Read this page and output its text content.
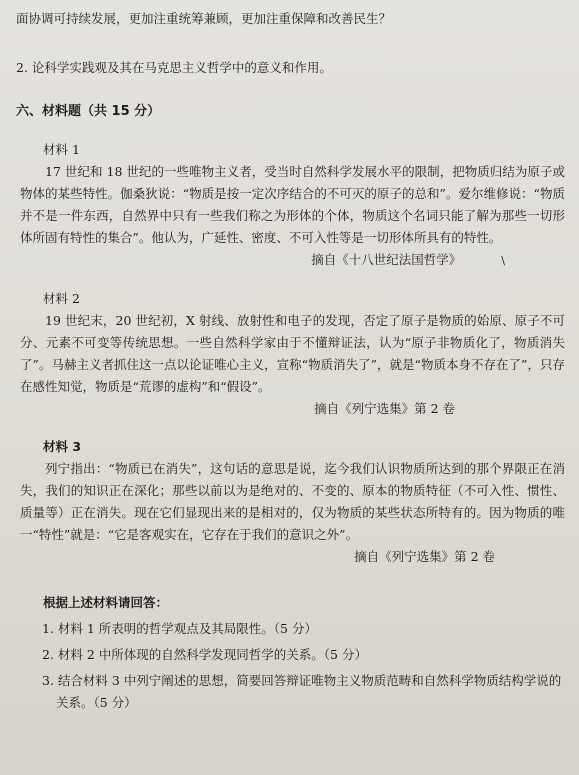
面协调可持续发展，更加注重统筹兼顾，更加注重保障和改善民生？
2. 论科学实践观及其在马克思主义哲学中的意义和作用。
六、材料题（共 15 分）
材料 1
17 世纪和 18 世纪的一些唯物主义者，受当时自然科学发展水平的限制，把物质归结为原子或物体的某些特性。伽桑狄说：“物质是按一定次序结合的不可灭的原子的总和”。爱尔维修说：“物质并不是一件东西，自然界中只有一些我们称之为形体的个体，物质这个名词只能了解为那些一切形体所固有特性的集合”。他认为，广延性、密度、不可入性等是一切形体所具有的特性。
摘自《十八世纪法国哲学》	\
材料 2
19 世纪末，20 世纪初，X 射线、放射性和电子的发现，否定了原子是物质的始原、原子不可分、元素不可变等传统思想。一些自然科学家由于不懂辩证法，认为“原子非物质化了，物质消失了”。马赫主义者抓住这一点以论证唯心主义，宣称“物质消失了”，就是“物质本身不存在了”，只存在感性知觉，物质是“荒谬的虚构”和“假设”。
摘自《列宁选集》第 2 卷
材料 3
列宁指出：“物质已在消失”，这句话的意思是说，迄今我们认识物质所达到的那个界限正在消失，我们的知识正在深化；那些以前以为是绝对的、不变的、原本的物质特征（不可入性、惯性、质量等）正在消失。现在它们显现出来的是相对的，仅为物质的某些状态所特有的。因为物质的唯一“特性”就是：“它是客观实在，它存在于我们的意识之外”。
摘自《列宁选集》第 2 卷
根据上述材料请回答：
1. 材料 1 所表明的哲学观点及其局限性。（5 分）
2. 材料 2 中所体现的自然科学发现同哲学的关系。（5 分）
3. 结合材料 3 中列宁阐述的思想，简要回答辩证唯物主义物质范畴和自然科学物质结构学说的关系。（5 分）
